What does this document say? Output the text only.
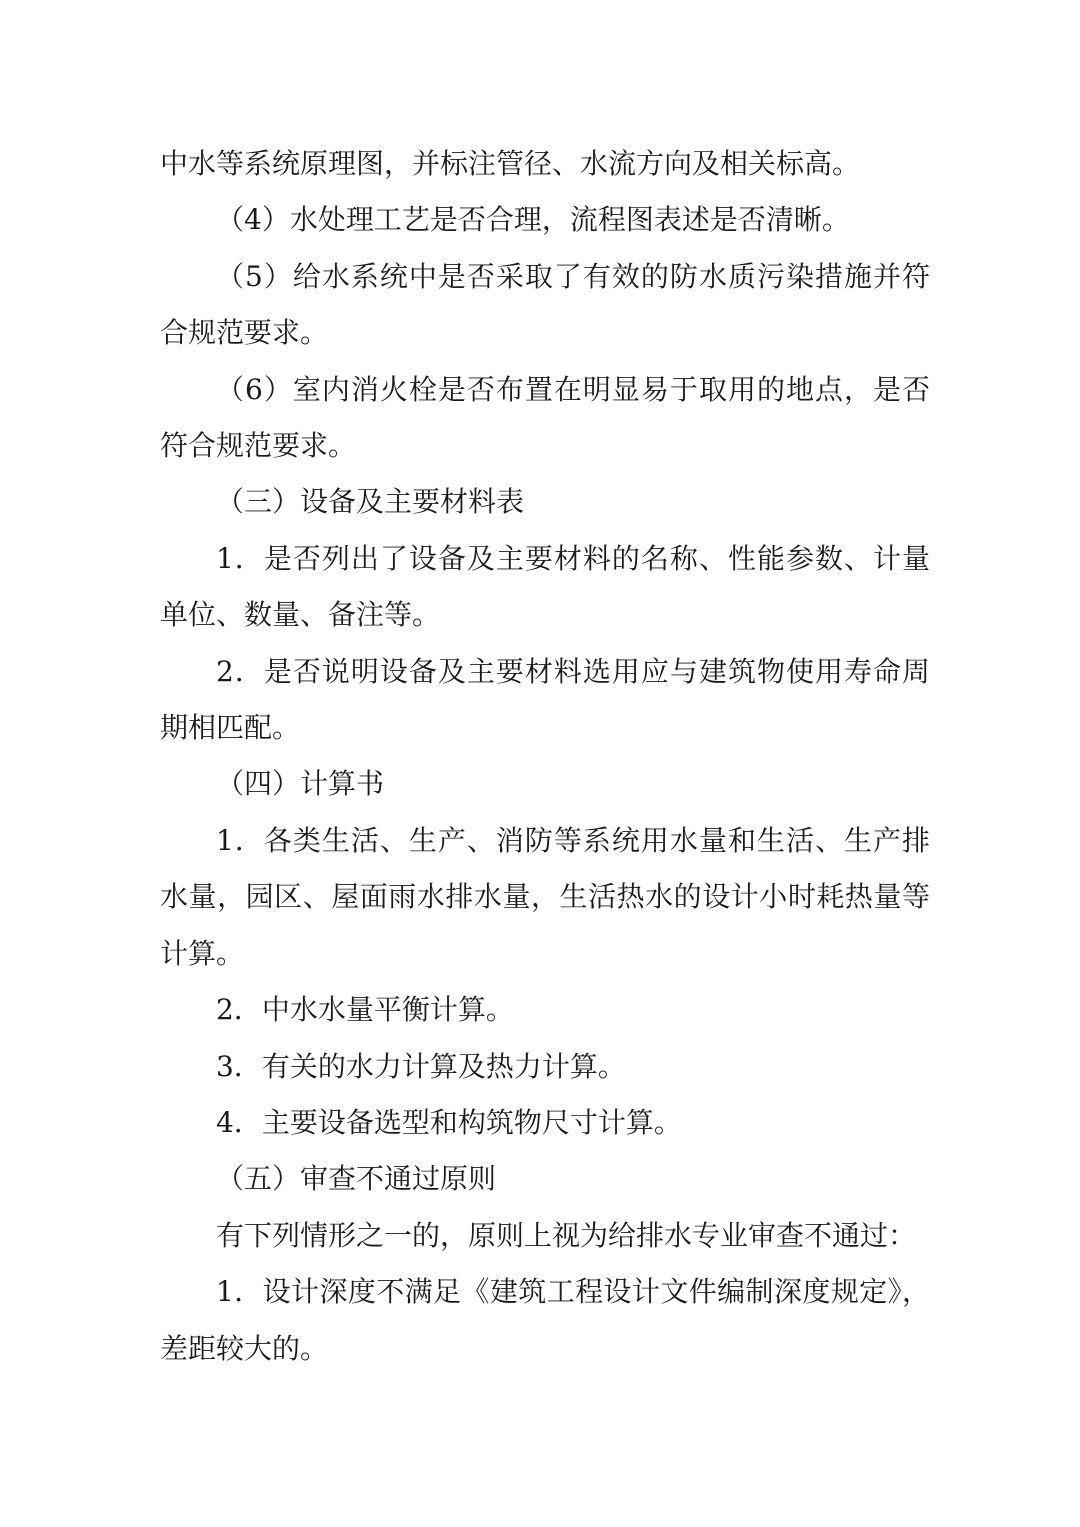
中水等系统原理图，并标注管径、水流方向及相关标高。

（4）水处理工艺是否合理，流程图表述是否清晰。

（5）给水系统中是否采取了有效的防水质污染措施并符合规范要求。

（6）室内消火栓是否布置在明显易于取用的地点，是否符合规范要求。

（三）设备及主要材料表

1．是否列出了设备及主要材料的名称、性能参数、计量单位、数量、备注等。

2．是否说明设备及主要材料选用应与建筑物使用寿命周期相匹配。

（四）计算书

1．各类生活、生产、消防等系统用水量和生活、生产排水量，园区、屋面雨水排水量，生活热水的设计小时耗热量等计算。

2．中水水量平衡计算。

3．有关的水力计算及热力计算。

4．主要设备选型和构筑物尺寸计算。

（五）审查不通过原则

有下列情形之一的，原则上视为给排水专业审查不通过：

1．设计深度不满足《建筑工程设计文件编制深度规定》，差距较大的。
